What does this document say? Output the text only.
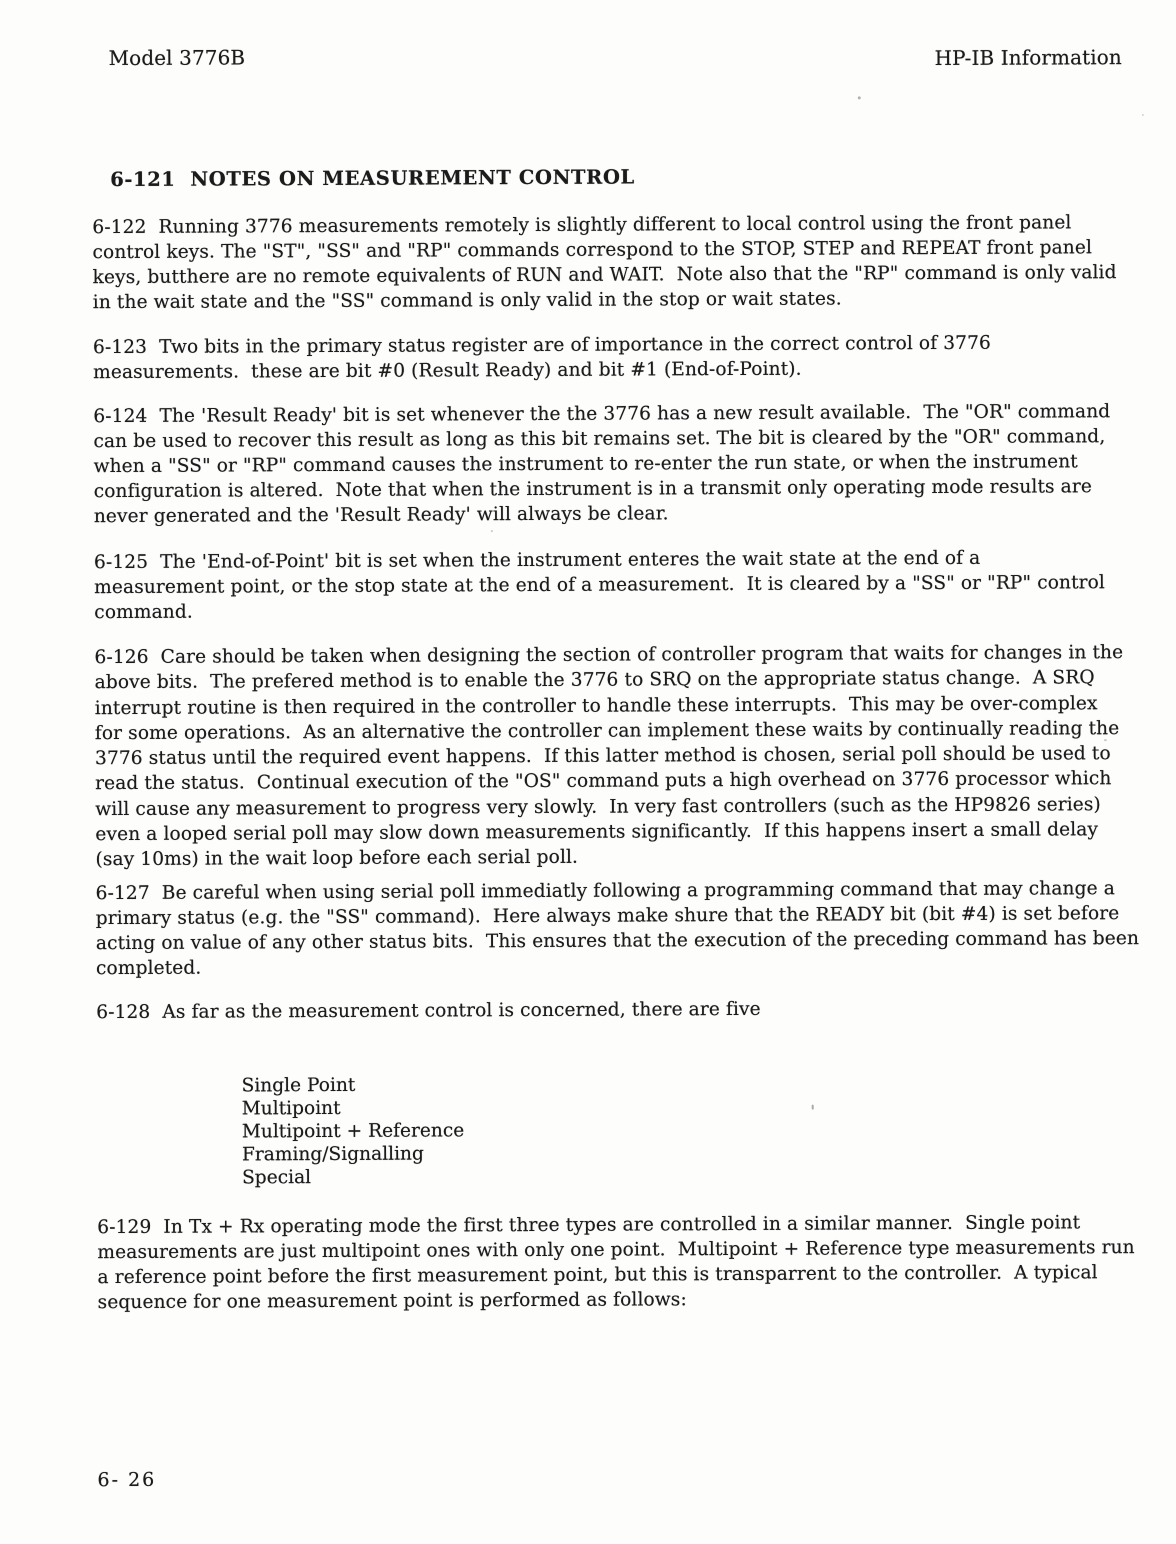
Model 3776B	HP-IB Information
6-121  NOTES ON MEASUREMENT CONTROL
6-122  Running 3776 measurements remotely is slightly different to local control using the front panel
control keys. The "ST", "SS" and "RP" commands correspond to the STOP, STEP and REPEAT front panel
keys, butthere are no remote equivalents of RUN and WAIT.  Note also that the "RP" command is only valid
in the wait state and the "SS" command is only valid in the stop or wait states.
6-123  Two bits in the primary status register are of importance in the correct control of 3776
measurements.  these are bit #0 (Result Ready) and bit #1 (End-of-Point).
6-124  The 'Result Ready' bit is set whenever the the 3776 has a new result available.  The "OR" command
can be used to recover this result as long as this bit remains set. The bit is cleared by the "OR" command,
when a "SS" or "RP" command causes the instrument to re-enter the run state, or when the instrument
configuration is altered.  Note that when the instrument is in a transmit only operating mode results are
never generated and the 'Result Ready' will always be clear.
6-125  The 'End-of-Point' bit is set when the instrument enteres the wait state at the end of a
measurement point, or the stop state at the end of a measurement.  It is cleared by a "SS" or "RP" control
command.
6-126  Care should be taken when designing the section of controller program that waits for changes in the
above bits.  The prefered method is to enable the 3776 to SRQ on the appropriate status change.  A SRQ
interrupt routine is then required in the controller to handle these interrupts.  This may be over-complex
for some operations.  As an alternative the controller can implement these waits by continually reading the
3776 status until the required event happens.  If this latter method is chosen, serial poll should be used to
read the status.  Continual execution of the "OS" command puts a high overhead on 3776 processor which
will cause any measurement to progress very slowly.  In very fast controllers (such as the HP9826 series)
even a looped serial poll may slow down measurements significantly.  If this happens insert a small delay
(say 10ms) in the wait loop before each serial poll.
6-127  Be careful when using serial poll immediatly following a programming command that may change a
primary status (e.g. the "SS" command).  Here always make shure that the READY bit (bit #4) is set before
acting on value of any other status bits.  This ensures that the execution of the preceding command has been
completed.
6-128  As far as the measurement control is concerned, there are five
6-129  In Tx + Rx operating mode the first three types are controlled in a similar manner.  Single point
measurements are just multipoint ones with only one point.  Multipoint + Reference type measurements run
a reference point before the first measurement point, but this is transparrent to the controller.  A typical
sequence for one measurement point is performed as follows:
Single Point
Multipoint
Multipoint + Reference
Framing/Signalling
Special
6- 26
